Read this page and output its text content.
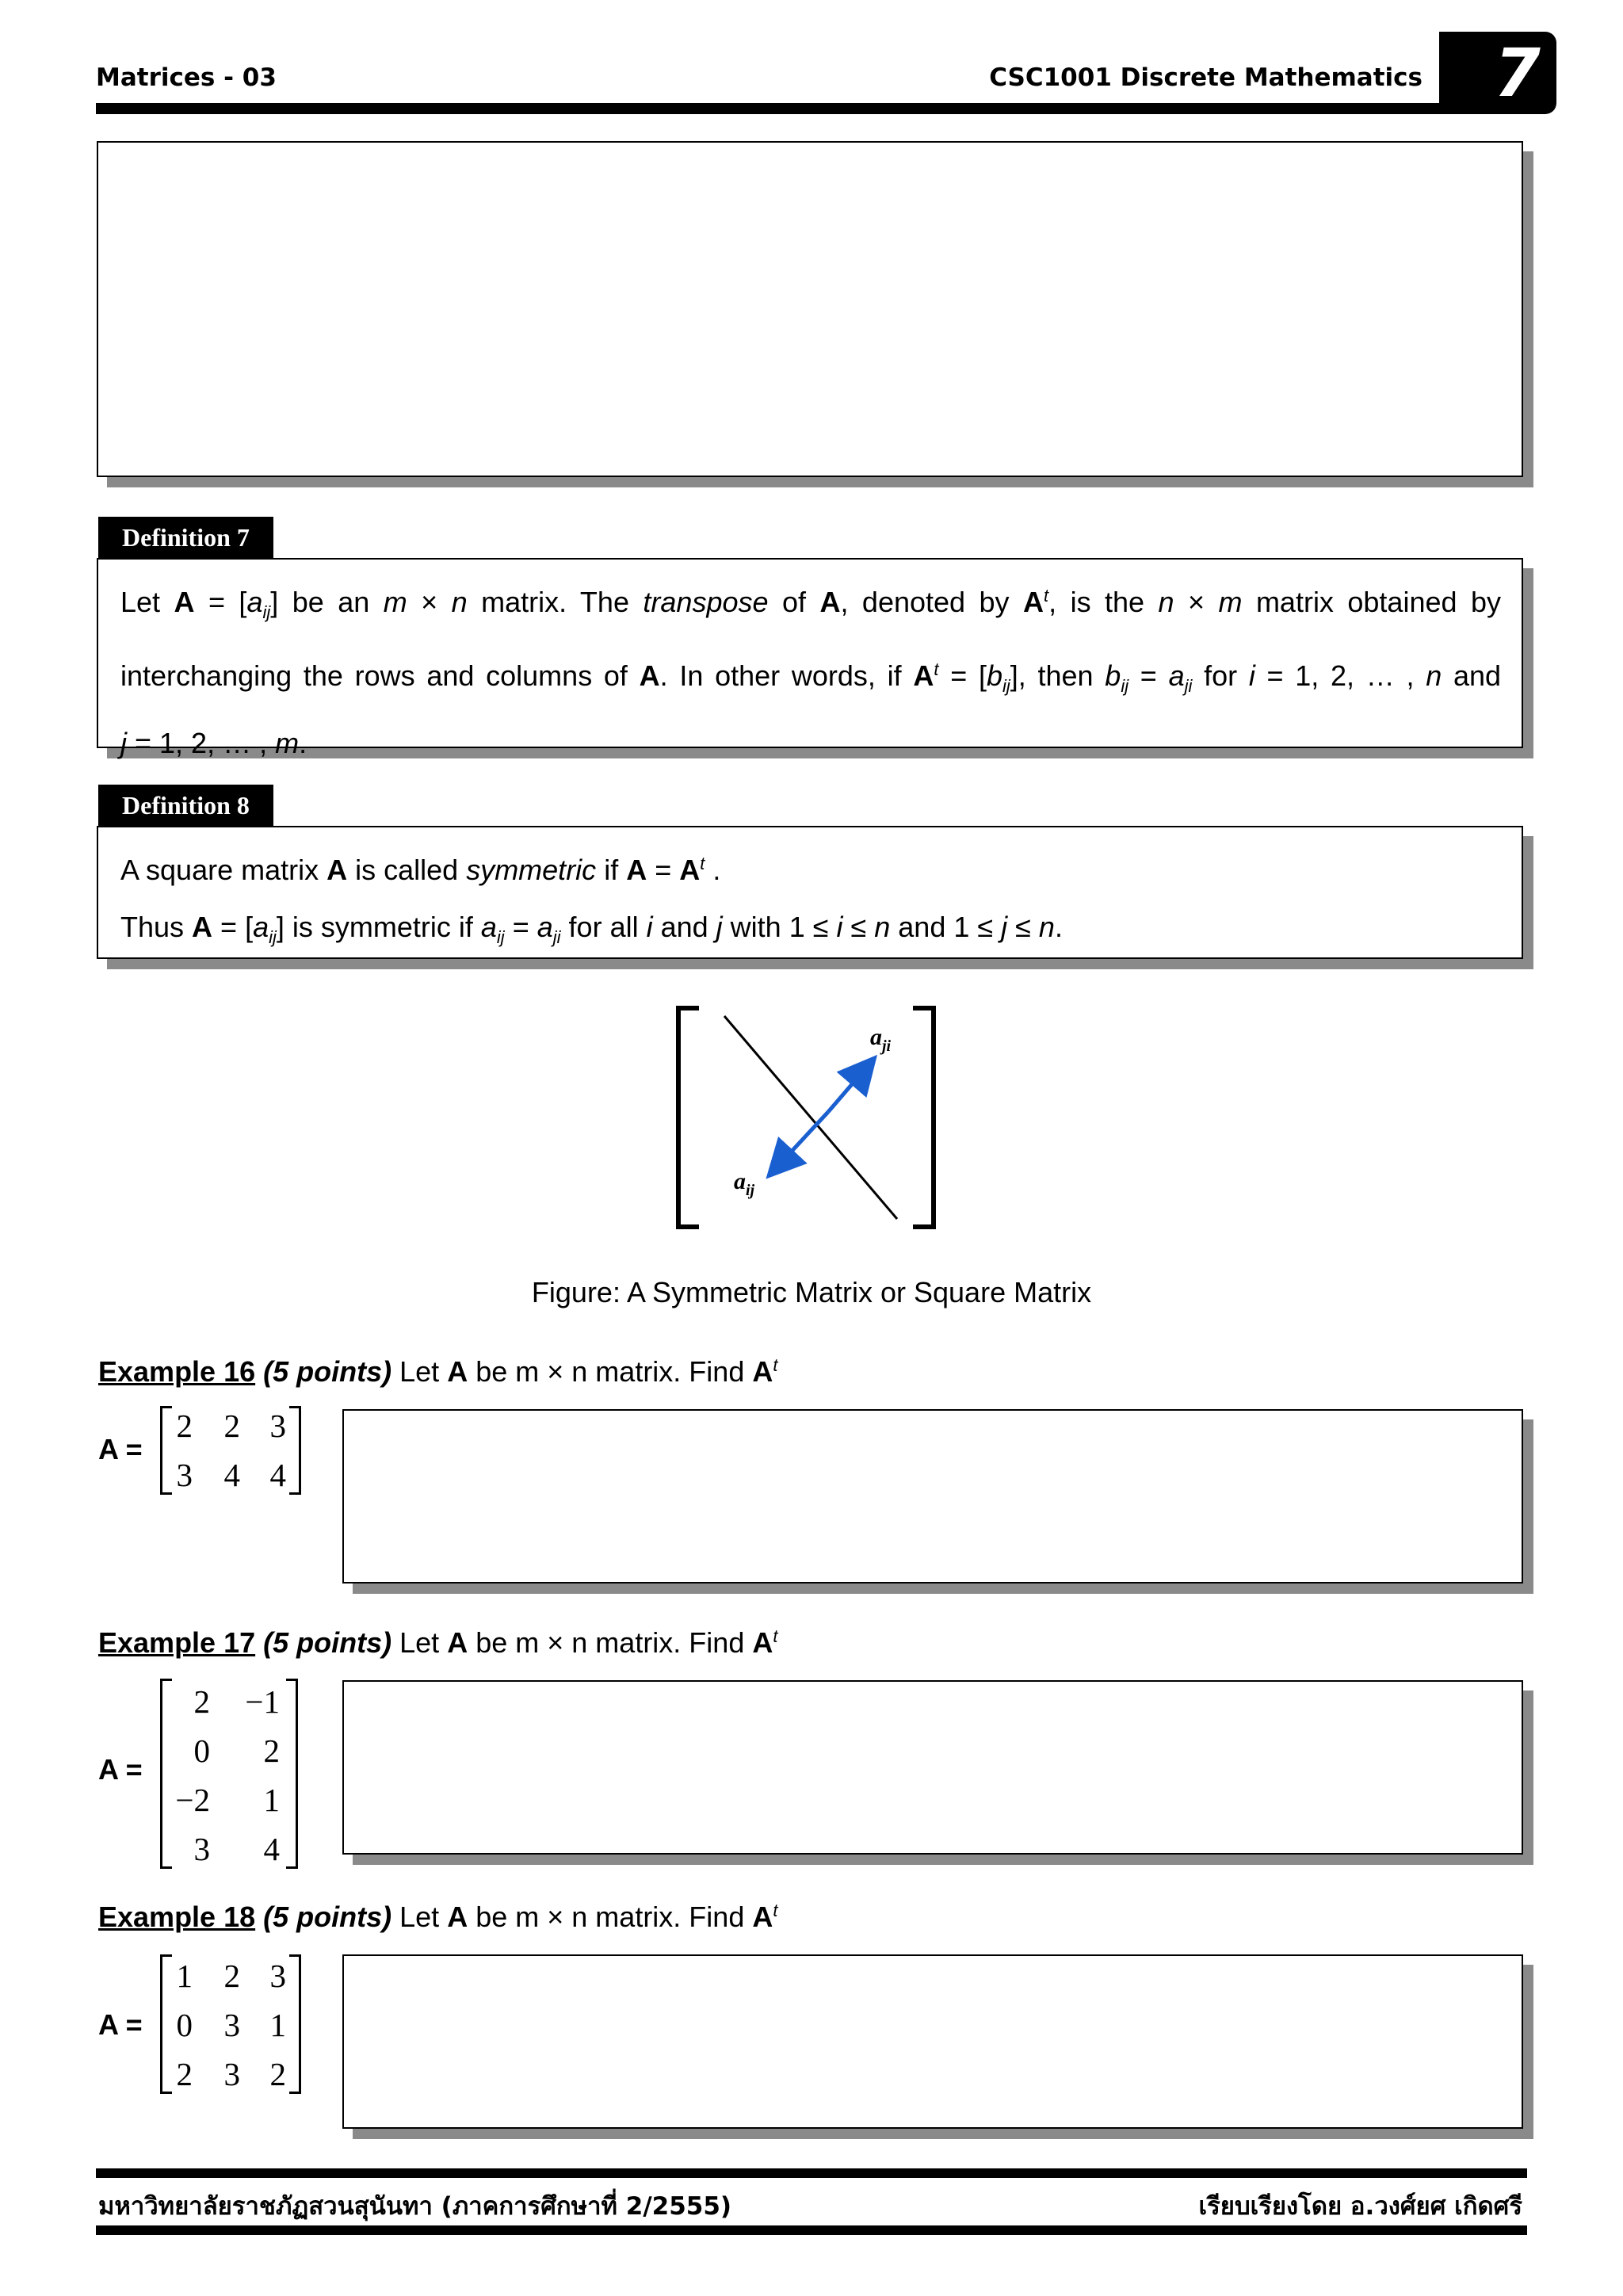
Matrices - 03	CSC1001 Discrete Mathematics	7
Definition 7
Let $A = [a_{ij}]$ be an m × n matrix. The transpose of A, denoted by $A^t$, is the n × m matrix obtained by
interchanging the rows and columns of A. In other words, if $A^t = [b_{ij}]$, then $b_{ij} = a_{ji}$ for i = 1, 2, … , n and
j = 1, 2, … , m.
Definition 8
A square matrix A is called symmetric if $A = A^t$ .
Thus $A = [a_{ij}]$ is symmetric if $a_{ij} = a_{ji}$ for all i and j with 1 ≤ i ≤ n and 1 ≤ j ≤ n.
$a_{ji}$
$a_{ij}$
Figure: A Symmetric Matrix or Square Matrix
Example 16 (5 points) Let A be m × n matrix. Find $A^t$
A =
2 2 3
3 4 4
Example 17 (5 points) Let A be m × n matrix. Find $A^t$
A =
2	−1
0	2
−2	1
3	4
Example 18 (5 points) Let A be m × n matrix. Find $A^t$
A =
1 2 3
0 3 1
2 3 2
มหาวิทยาลัยราชภัฏสวนสุนันทา (ภาคการศึกษาที่ 2/2555)	เรียบเรียงโดย อ.วงศ์ยศ เกิดศรี
